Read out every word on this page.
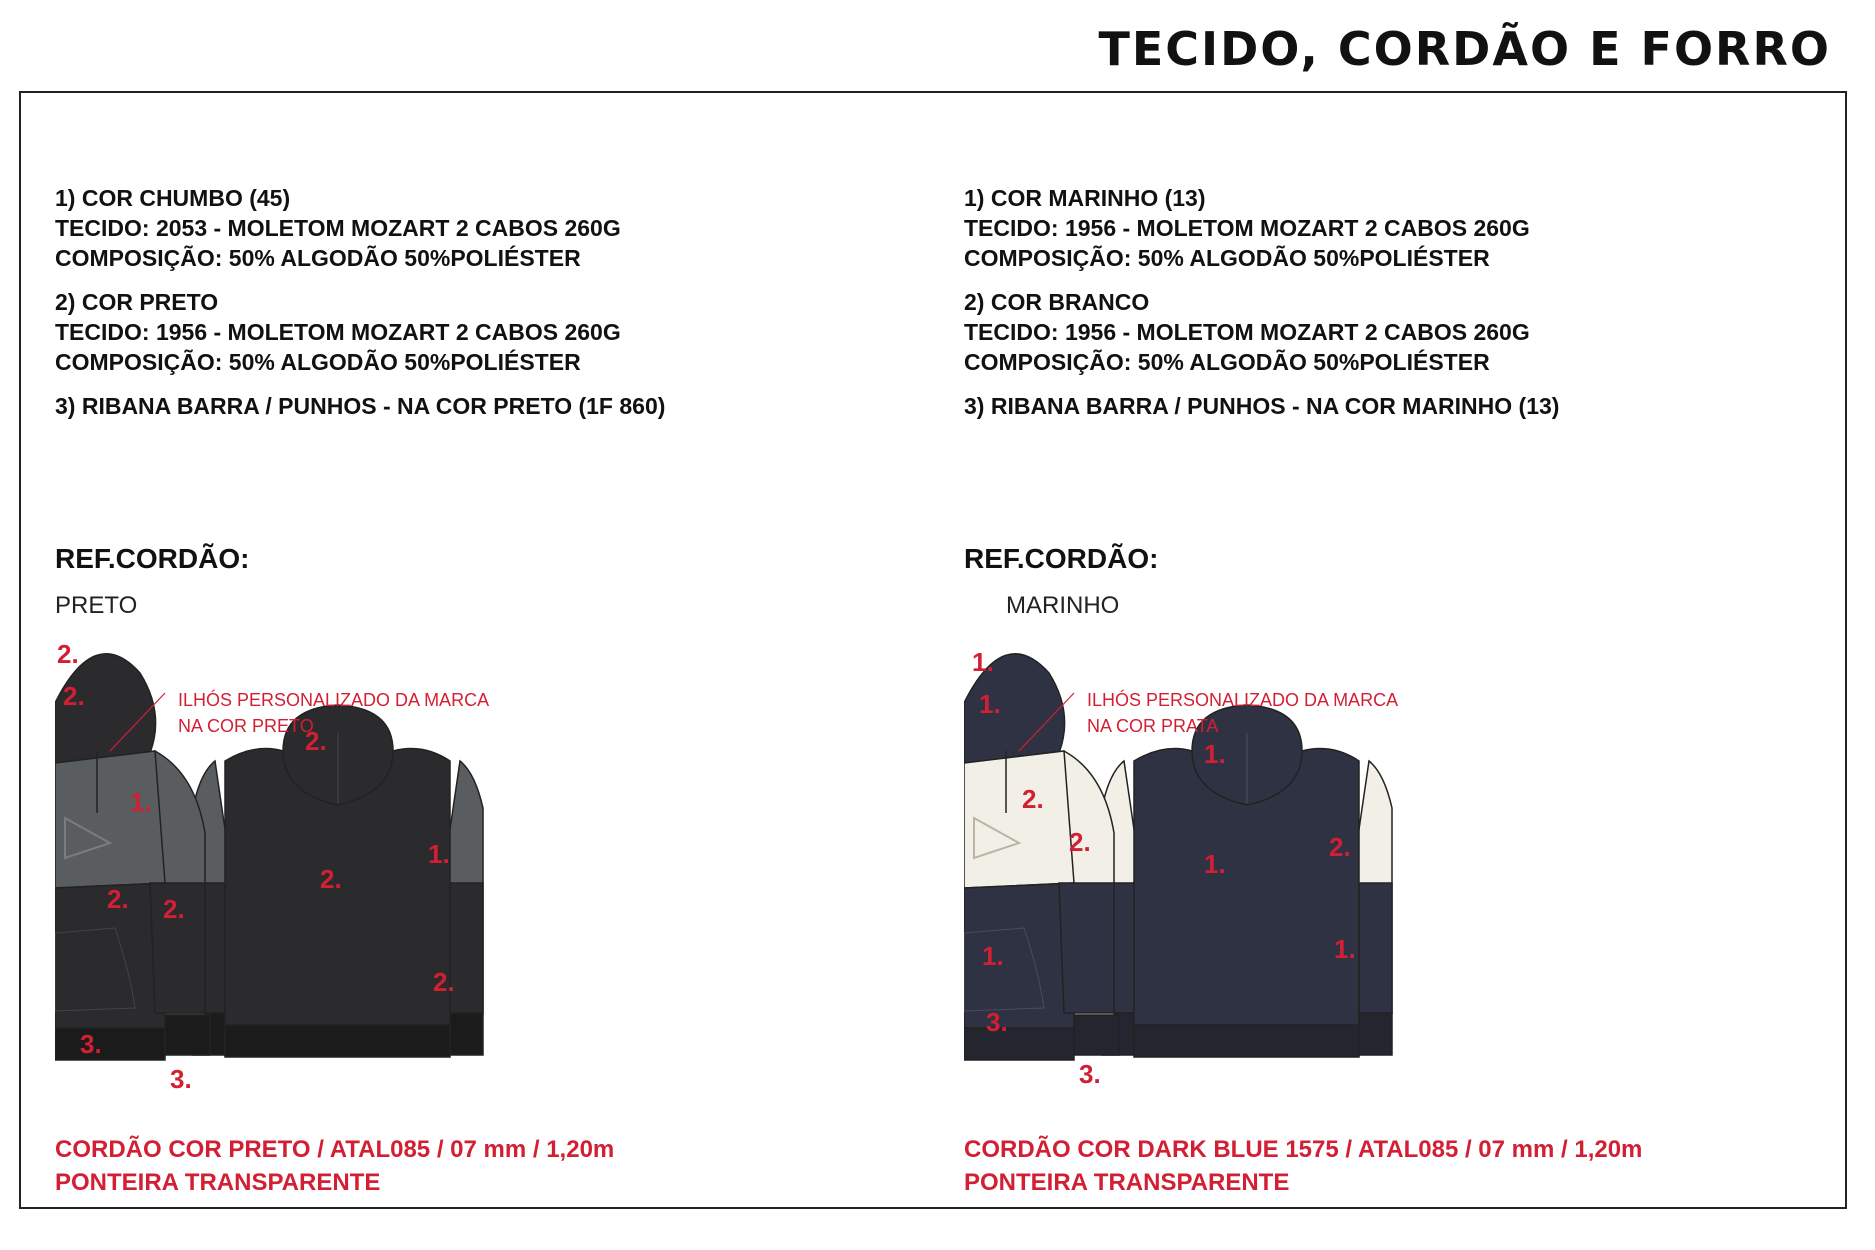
TECIDO, CORDÃO E FORRO
1) COR CHUMBO (45)
TECIDO: 2053 - MOLETOM MOZART 2 CABOS 260G
COMPOSIÇÃO: 50% ALGODÃO 50%POLIÉSTER
2) COR PRETO
TECIDO: 1956 - MOLETOM MOZART 2 CABOS 260G
COMPOSIÇÃO: 50% ALGODÃO 50%POLIÉSTER
3) RIBANA BARRA / PUNHOS - NA COR PRETO (1F 860)
REF.CORDÃO:
PRETO
2.
2.
1.
2. 2.
3.
3.
2.
2.
1.
2.
ILHÓS PERSONALIZADO DA MARCA
NA COR PRETO
CORDÃO COR PRETO / ATAL085 / 07 mm / 1,20m
PONTEIRA TRANSPARENTE
1) COR MARINHO (13)
TECIDO: 1956 - MOLETOM MOZART 2 CABOS 260G
COMPOSIÇÃO: 50% ALGODÃO 50%POLIÉSTER
2) COR BRANCO
TECIDO: 1956 - MOLETOM MOZART 2 CABOS 260G
COMPOSIÇÃO: 50% ALGODÃO 50%POLIÉSTER
3) RIBANA BARRA / PUNHOS - NA COR MARINHO (13)
REF.CORDÃO:
MARINHO
1.
1.
2.
1.
2.
3.
3.
1.
1.
2.
1.
ILHÓS PERSONALIZADO DA MARCA
NA COR PRATA
CORDÃO COR DARK BLUE 1575 / ATAL085 / 07 mm / 1,20m
PONTEIRA TRANSPARENTE
